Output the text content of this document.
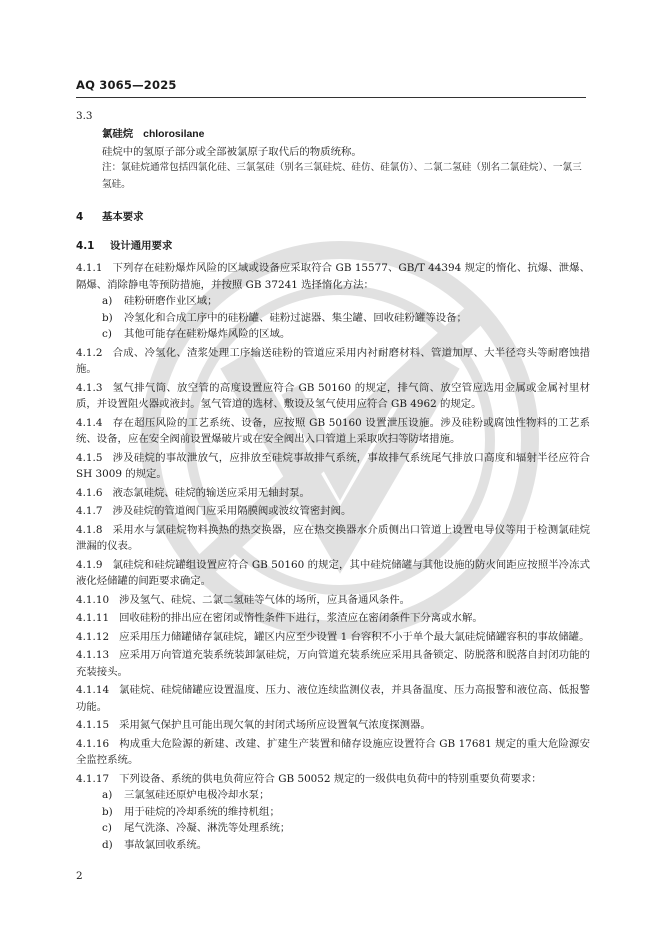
AQ 3065—2025
3.3
氯硅烷 chlorosilane
硅烷中的氢原子部分或全部被氯原子取代后的物质统称。
注：氯硅烷通常包括四氯化硅、三氯氢硅（别名三氯硅烷、硅仿、硅氯仿）、二氯二氢硅（别名二氯硅烷）、一氯三氢硅。
4 基本要求
4.1 设计通用要求
4.1.1 下列存在硅粉爆炸风险的区域或设备应采取符合 GB 15577、GB/T 44394 规定的惰化、抗爆、泄爆、隔爆、消除静电等预防措施，并按照 GB 37241 选择惰化方法：
a) 硅粉研磨作业区域；
b) 冷氢化和合成工序中的硅粉罐、硅粉过滤器、集尘罐、回收硅粉罐等设备；
c) 其他可能存在硅粉爆炸风险的区域。
4.1.2 合成、冷氢化、渣浆处理工序输送硅粉的管道应采用内衬耐磨材料、管道加厚、大半径弯头等耐磨蚀措施。
4.1.3 氢气排气筒、放空管的高度设置应符合 GB 50160 的规定，排气筒、放空管应选用金属或金属衬里材质，并设置阻火器或液封。氢气管道的选材、敷设及氢气使用应符合 GB 4962 的规定。
4.1.4 存在超压风险的工艺系统、设备，应按照 GB 50160 设置泄压设施。涉及硅粉或腐蚀性物料的工艺系统、设备，应在安全阀前设置爆破片或在安全阀出入口管道上采取吹扫等防堵措施。
4.1.5 涉及硅烷的事故泄放气，应排放至硅烷事故排气系统，事故排气系统尾气排放口高度和辐射半径应符合 SH 3009 的规定。
4.1.6 液态氯硅烷、硅烷的输送应采用无轴封泵。
4.1.7 涉及硅烷的管道阀门应采用隔膜阀或波纹管密封阀。
4.1.8 采用水与氯硅烷物料换热的热交换器，应在热交换器水介质侧出口管道上设置电导仪等用于检测氯硅烷泄漏的仪表。
4.1.9 氯硅烷和硅烷罐组设置应符合 GB 50160 的规定，其中硅烷储罐与其他设施的防火间距应按照半冷冻式液化烃储罐的间距要求确定。
4.1.10 涉及氢气、硅烷、二氯二氢硅等气体的场所，应具备通风条件。
4.1.11 回收硅粉的排出应在密闭或惰性条件下进行，浆渣应在密闭条件下分离或水解。
4.1.12 应采用压力储罐储存氯硅烷，罐区内应至少设置 1 台容积不小于单个最大氯硅烷储罐容积的事故储罐。
4.1.13 应采用万向管道充装系统装卸氯硅烷，万向管道充装系统应采用具备锁定、防脱落和脱落自封闭功能的充装接头。
4.1.14 氯硅烷、硅烷储罐应设置温度、压力、液位连续监测仪表，并具备温度、压力高报警和液位高、低报警功能。
4.1.15 采用氮气保护且可能出现欠氧的封闭式场所应设置氧气浓度探测器。
4.1.16 构成重大危险源的新建、改建、扩建生产装置和储存设施应设置符合 GB 17681 规定的重大危险源安全监控系统。
4.1.17 下列设备、系统的供电负荷应符合 GB 50052 规定的一级供电负荷中的特别重要负荷要求：
a) 三氯氢硅还原炉电极冷却水泵；
b) 用于硅烷的冷却系统的维持机组；
c) 尾气洗涤、冷凝、淋洗等处理系统；
d) 事故氯回收系统。
2
